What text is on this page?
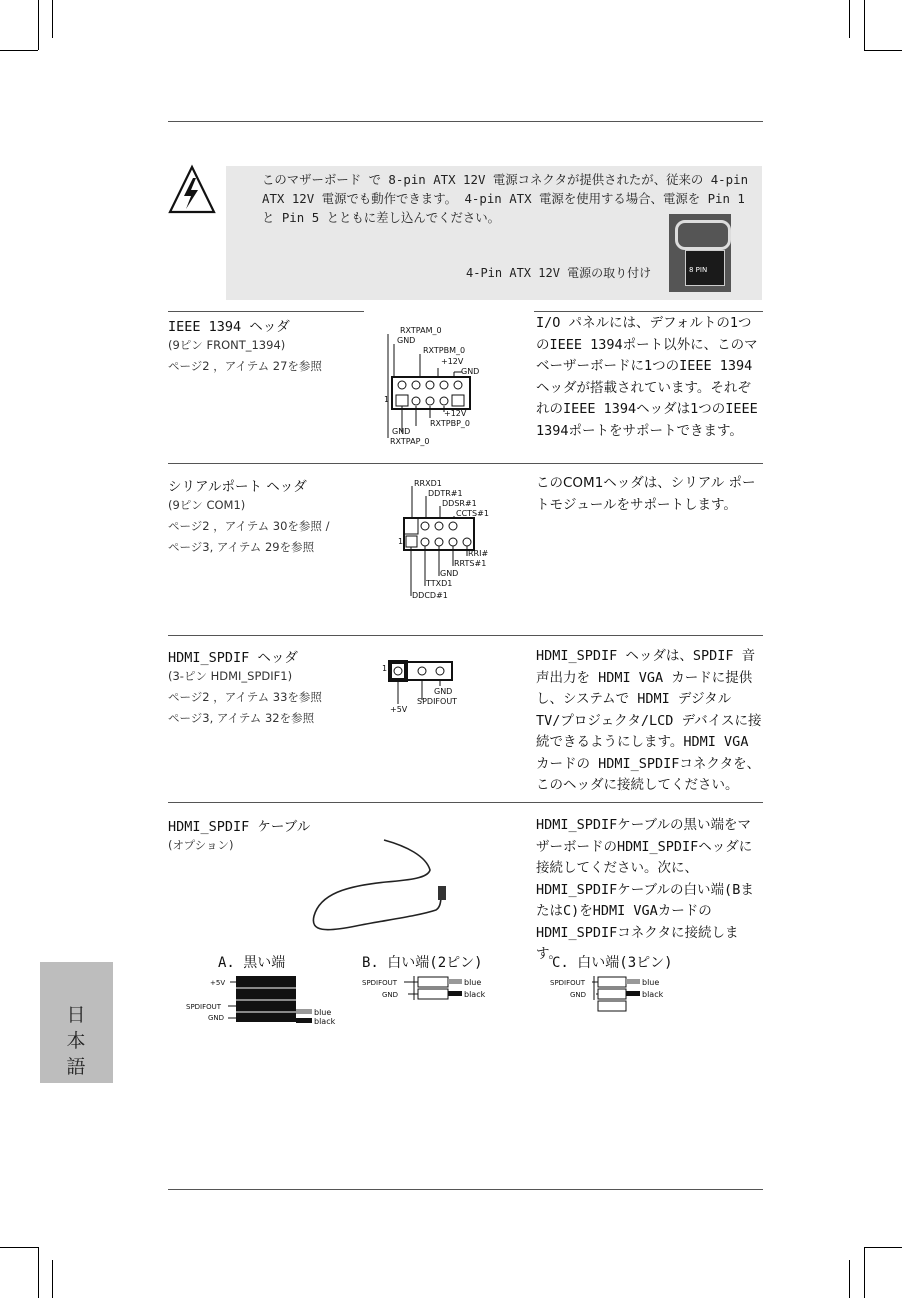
このマザーボード で 8-pin ATX 12V 電源コネクタが提供されたが、従来の 4-pin ATX 12V 電源でも動作できます。 4-pin ATX 電源を使用する場合、電源を Pin 1 と Pin 5 とともに差し込んでください。
4-Pin ATX 12V 電源の取り付け	8 PIN
IEEE 1394 ヘッダ
(9ピン FRONT_1394)
ページ2 ，アイテム 27を参照
I/O パネルには、デフォルトの1つのIEEE 1394ポート以外に、このマベーザーボードに1つのIEEE 1394ヘッダが搭載されています。それぞれのIEEE 1394ヘッダは1つのIEEE 1394ポートをサポートできます。
RXTPAM_0
GND
RXTPBM_0
+12V
GND
1
+12V
RXTPBP_0
GND
RXTPAP_0
シリアルポート ヘッダ
(9ピン COM1)
ページ2 ，アイテム 30を参照 /
ページ3, アイテム 29を参照
このCOM1ヘッダは、シリアル ポートモジュールをサポートします。
RRXD1
DDTR#1
DDSR#1
CCTS#1
1
RRI#
RRTS#1
GND
TTXD1
DDCD#1
HDMI_SPDIF ヘッダ
(3-ピン HDMI_SPDIF1)
ページ2 ，アイテム 33を参照
ページ3, アイテム 32を参照
HDMI_SPDIF ヘッダは、SPDIF 音声出力を HDMI VGA カードに提供し、システムで HDMI デジタル TV/プロジェクタ/LCD デバイスに接続できるようにします。HDMI VGA カードの HDMI_SPDIFコネクタを、このヘッダに接続してください。
1
GND
SPDIFOUT
+5V
HDMI_SPDIF ケーブル
(オプション)
HDMI_SPDIFケーブルの黒い端をマザーボードのHDMI_SPDIFヘッダに接続してください。次に、HDMI_SPDIFケーブルの白い端(BまたはC)をHDMI VGAカードのHDMI_SPDIFコネクタに接続します。
A. 黒い端	B. 白い端(2ピン)	C. 白い端(3ピン)
+5V
SPDIFOUT
GND
blue
black
SPDIFOUT
GND
blue
black
SPDIFOUT
GND
blue
black
日
本
語
